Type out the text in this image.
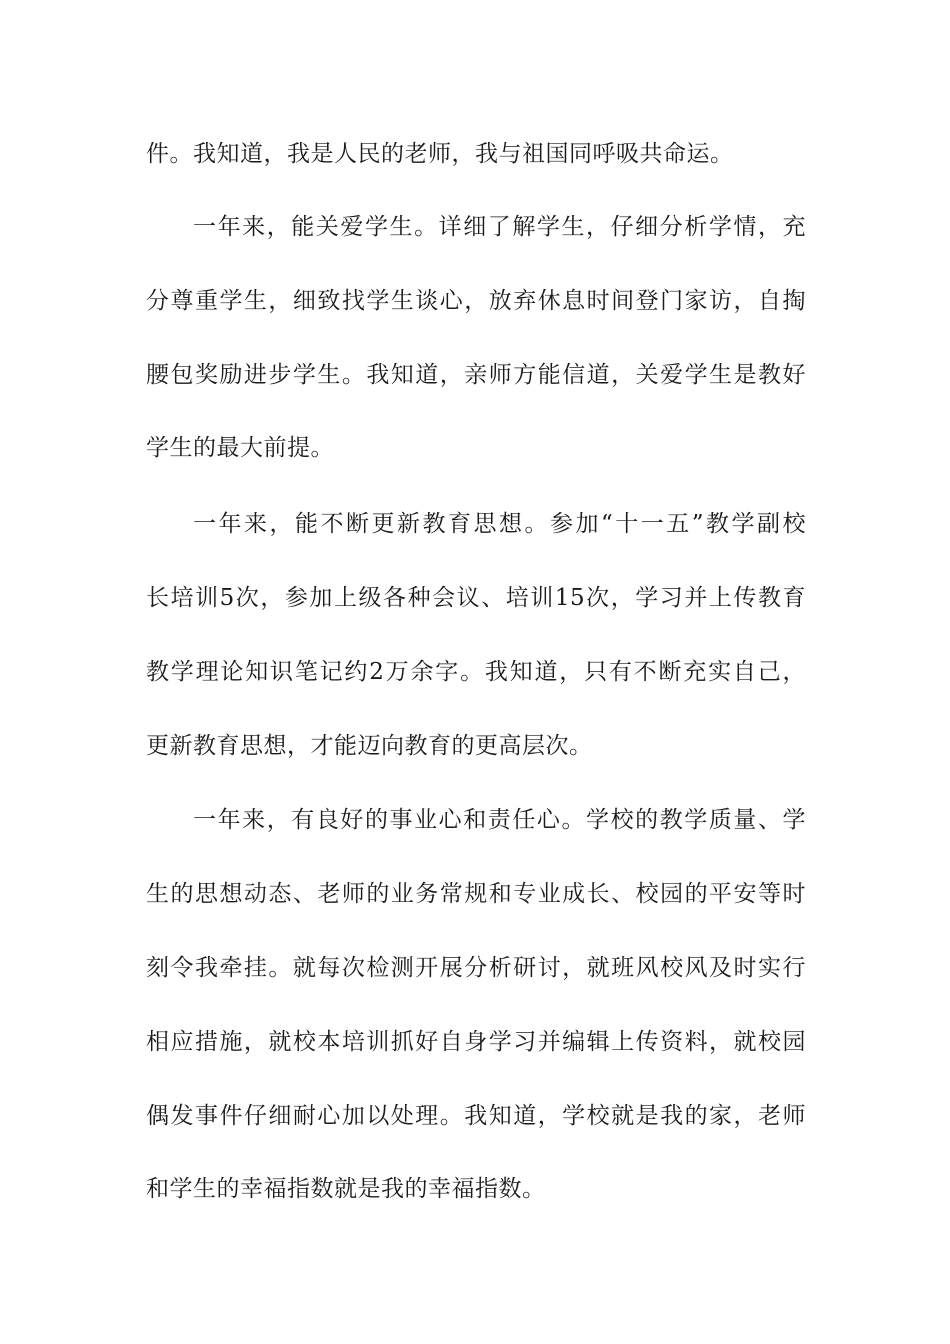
件。我知道，我是人民的老师，我与祖国同呼吸共命运。
一年来，能关爱学生。详细了解学生，仔细分析学情，充
分尊重学生，细致找学生谈心，放弃休息时间登门家访，自掏
腰包奖励进步学生。我知道，亲师方能信道，关爱学生是教好
学生的最大前提。
一年来，能不断更新教育思想。参加“十一五”教学副校
长培训5次，参加上级各种会议、培训15次，学习并上传教育
教学理论知识笔记约2万余字。我知道，只有不断充实自己，
更新教育思想，才能迈向教育的更高层次。
一年来，有良好的事业心和责任心。学校的教学质量、学
生的思想动态、老师的业务常规和专业成长、校园的平安等时
刻令我牵挂。就每次检测开展分析研讨，就班风校风及时实行
相应措施，就校本培训抓好自身学习并编辑上传资料，就校园
偶发事件仔细耐心加以处理。我知道，学校就是我的家，老师
和学生的幸福指数就是我的幸福指数。
